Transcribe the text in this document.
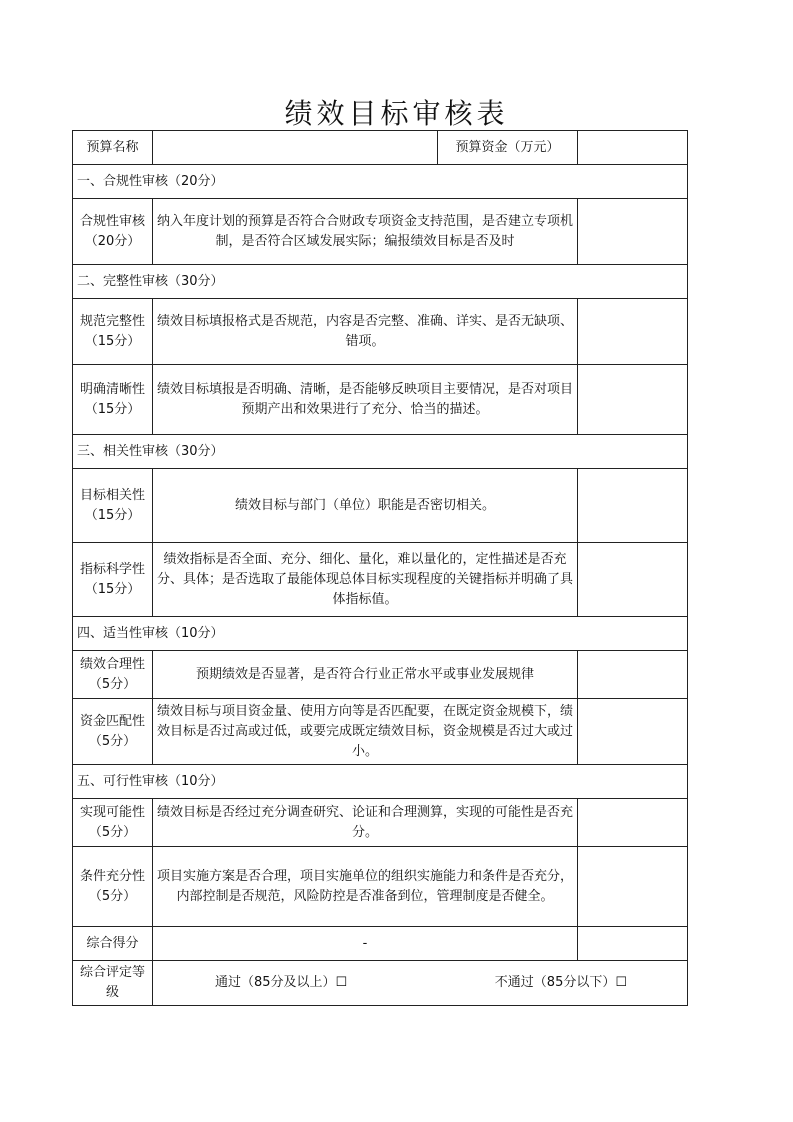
绩效目标审核表
预算名称		预算资金（万元）	
一、合规性审核（20分）			
合规性审核（20分）	纳入年度计划的预算是否符合合财政专项资金支持范围，是否建立专项机制，是否符合区域发展实际；编报绩效目标是否及时		
二、完整性审核（30分）			
规范完整性（15分）	绩效目标填报格式是否规范，内容是否完整、准确、详实、是否无缺项、错项。		
明确清晰性（15分）	绩效目标填报是否明确、清晰，是否能够反映项目主要情况，是否对项目预期产出和效果进行了充分、恰当的描述。		
三、相关性审核（30分）			
目标相关性（15分）	绩效目标与部门（单位）职能是否密切相关。		
指标科学性（15分）	绩效指标是否全面、充分、细化、量化，难以量化的，定性描述是否充分、具体；是否选取了最能体现总体目标实现程度的关键指标并明确了具体指标值。		
四、适当性审核（10分）			
绩效合理性（5分）	预期绩效是否显著，是否符合行业正常水平或事业发展规律		
资金匹配性（5分）	绩效目标与项目资金量、使用方向等是否匹配要，在既定资金规模下，绩效目标是否过高或过低，或要完成既定绩效目标，资金规模是否过大或过小。		
五、可行性审核（10分）			
实现可能性（5分）	绩效目标是否经过充分调查研究、论证和合理测算，实现的可能性是否充分。		
条件充分性（5分）	项目实施方案是否合理，项目实施单位的组织实施能力和条件是否充分，内部控制是否规范，风险防控是否准备到位，管理制度是否健全。		
综合得分	-		
综合评定等级	通过（85分及以上）☐ 不通过（85分以下）☐		
